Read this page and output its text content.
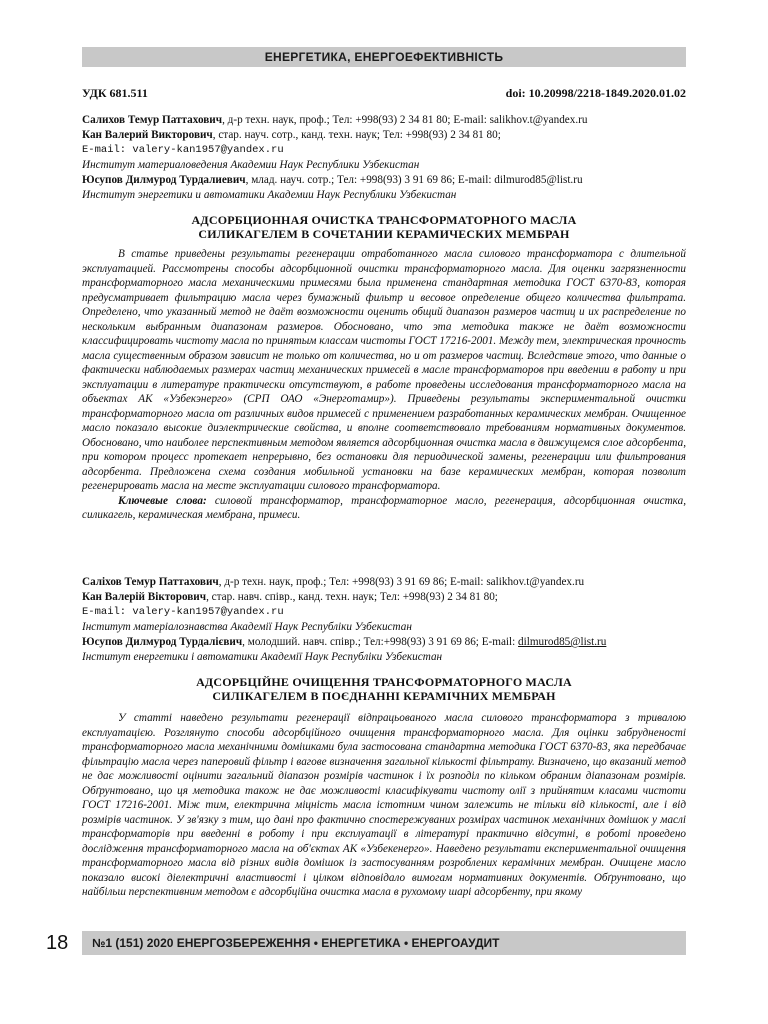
ЕНЕРГЕТИКА, ЕНЕРГОЕФЕКТИВНІСТЬ
УДК 681.511	doi: 10.20998/2218-1849.2020.01.02
Салихов Темур Паттахович, д-р техн. наук, проф.; Тел: +998(93) 2 34 81 80; E-mail: salikhov.t@yandex.ru
Кан Валерий Викторович, стар. науч. сотр., канд. техн. наук; Тел: +998(93) 2 34 81 80;
E-mail: valery-kan1957@yandex.ru
Институт материаловедения Академии Наук Республики Узбекистан
Юсупов Дилмурод Турдалиевич, млад. науч. сотр.; Тел: +998(93) 3 91 69 86; E-mail: dilmurod85@list.ru
Институт энергетики и автоматики Академии Наук Республики Узбекистан
АДСОРБЦИОННАЯ ОЧИСТКА ТРАНСФОРМАТОРНОГО МАСЛА
СИЛИКАГЕЛЕМ В СОЧЕТАНИИ КЕРАМИЧЕСКИХ МЕМБРАН

В статье приведены результаты регенерации отработанного масла силового трансформатора с длительной эксплуатацией. Рассмотрены способы адсорбционной очистки трансформаторного масла. Для оценки загрязненности трансформаторного масла механическими примесями была применена стандартная методика ГОСТ 6370-83, которая предусматривает фильтрацию масла через бумажный фильтр и весовое определение общего количества фильтрата. Определено, что указанный метод не даёт возможности оценить общий диапазон размеров частиц и их распределение по нескольким выбранным диапазонам размеров. Обосновано, что эта методика также не даёт возможности классифицировать чистоту масла по принятым классам чистоты ГОСТ 17216-2001. Между тем, электрическая прочность масла существенным образом зависит не только от количества, но и от размеров частиц. Вследствие этого, что данные о фактически наблюдаемых размерах частиц механических примесей в масле трансформаторов при введении в работу и при эксплуатации в литературе практически отсутствуют, в работе проведены исследования трансформаторного масла на объектах АК «Узбекэнерго» (СРП ОАО «Энерготамир»). Приведены результаты экспериментальной очистки трансформаторного масла от различных видов примесей с применением разработанных керамических мембран. Очищенное масло показало высокие диэлектрические свойства, и вполне соответствовало требованиям нормативных документов. Обосновано, что наиболее перспективным методом является адсорбционная очистка масла в движущемся слое адсорбента, при котором процесс протекает непрерывно, без остановки для периодической замены, регенерации или фильтрования адсорбента. Предложена схема создания мобильной установки на базе керамических мембран, которая позволит регенерировать масла на месте эксплуатации силового трансформатора.

Ключевые слова: силовой трансформатор, трансформаторное масло, регенерация, адсорбционная очистка, силикагель, керамическая мембрана, примеси.

Саліхов Темур Паттахович, д-р техн. наук, проф.; Тел: +998(93) 3 91 69 86; E-mail: salikhov.t@yandex.ru
Кан Валерій Вікторович, стар. навч. співр., канд. техн. наук; Тел: +998(93) 2 34 81 80;
E-mail: valery-kan1957@yandex.ru
Інститут матеріалознавства Академії Наук Республіки Узбекистан
Юсупов Дилмурод Турдалієвич, молодший. навч. співр.; Тел:+998(93) 3 91 69 86; E-mail: dilmurod85@list.ru
Інститут енергетики і автоматики Академії Наук Республіки Узбекистан
АДСОРБЦІЙНЕ ОЧИЩЕННЯ ТРАНСФОРМАТОРНОГО МАСЛА
СИЛІКАГЕЛЕМ В ПОЄДНАННІ КЕРАМІЧНИХ МЕМБРАН

У статті наведено результати регенерації відпрацьованого масла силового трансформатора з тривалою експлуатацією. Розглянуто способи адсорбційного очищення трансформаторного масла. Для оцінки забрудненості трансформаторного масла механічними домішками була застосована стандартна методика ГОСТ 6370-83, яка передбачає фільтрацію масла через паперовий фільтр і вагове визначення загальної кількості фільтрату. Визначено, що вказаний метод не дає можливості оцінити загальний діапазон розмірів частинок і їх розподіл по кільком обраним діапазонам розмірів. Обґрунтовано, що ця методика також не дає можливості класифікувати чистоту олії з прийнятим класами чистоти ГОСТ 17216-2001. Між тим, електрична міцність масла істотним чином залежить не тільки від кількості, але і від розмірів частинок. У зв'язку з тим, що дані про фактично спостережуваних розмірах частинок механічних домішок у маслі трансформаторів при введенні в роботу і при експлуатації в літературі практично відсутні, в роботі проведено дослідження трансформаторного масла на об'єктах АК «Узбекенерго». Наведено результати експериментальної очищення трансформаторного масла від різних видів домішок із застосуванням розроблених керамічних мембран. Очищене масло показало високі діелектричні властивості і цілком відповідало вимогам нормативних документів. Обґрунтовано, що найбільш перспективним методом є адсорбційна очистка масла в рухомому шарі адсорбенту, при якому

18	№1 (151) 2020 ЕНЕРГОЗБЕРЕЖЕННЯ • ЕНЕРГЕТИКА • ЕНЕРГОАУДИТ
